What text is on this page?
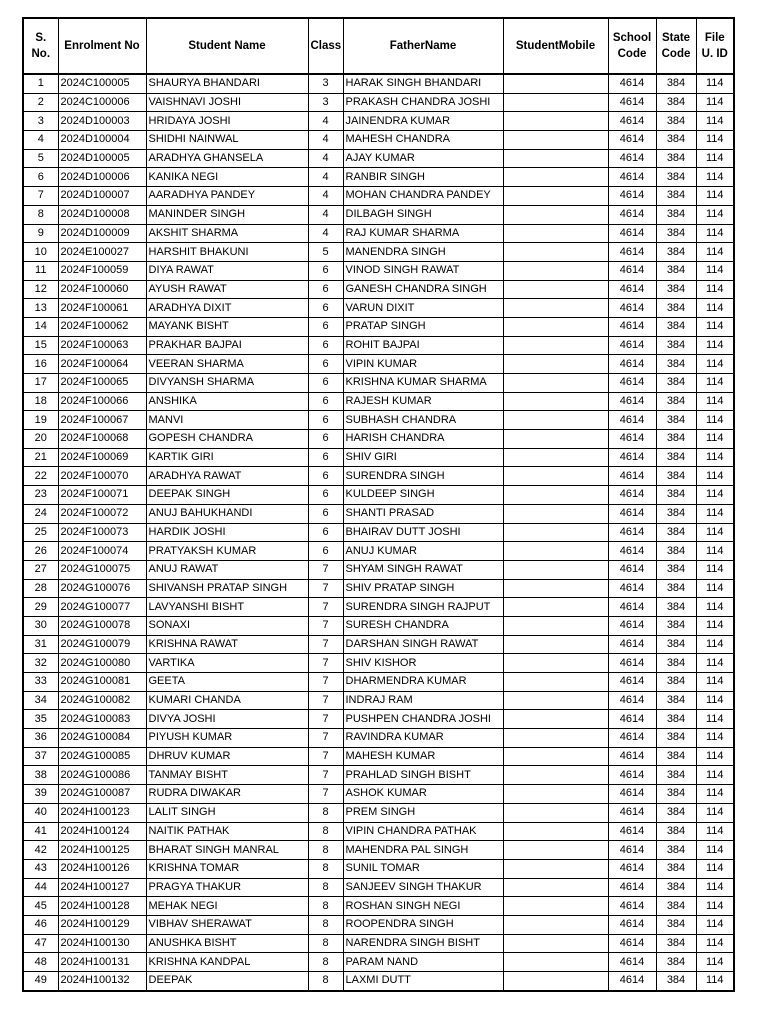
S. No.	Enrolment No	Student Name	Class	FatherName	StudentMobile	School Code	State Code	File U. ID
1	2024C100005	SHAURYA BHANDARI	3	HARAK SINGH BHANDARI		4614	384	114
2	2024C100006	VAISHNAVI JOSHI	3	PRAKASH CHANDRA JOSHI		4614	384	114
3	2024D100003	HRIDAYA JOSHI	4	JAINENDRA KUMAR		4614	384	114
4	2024D100004	SHIDHI NAINWAL	4	MAHESH CHANDRA		4614	384	114
5	2024D100005	ARADHYA GHANSELA	4	AJAY KUMAR		4614	384	114
6	2024D100006	KANIKA NEGI	4	RANBIR SINGH		4614	384	114
7	2024D100007	AARADHYA PANDEY	4	MOHAN CHANDRA PANDEY		4614	384	114
8	2024D100008	MANINDER SINGH	4	DILBAGH SINGH		4614	384	114
9	2024D100009	AKSHIT SHARMA	4	RAJ KUMAR SHARMA		4614	384	114
10	2024E100027	HARSHIT BHAKUNI	5	MANENDRA SINGH		4614	384	114
11	2024F100059	DIYA RAWAT	6	VINOD SINGH RAWAT		4614	384	114
12	2024F100060	AYUSH RAWAT	6	GANESH CHANDRA SINGH		4614	384	114
13	2024F100061	ARADHYA DIXIT	6	VARUN DIXIT		4614	384	114
14	2024F100062	MAYANK BISHT	6	PRATAP SINGH		4614	384	114
15	2024F100063	PRAKHAR BAJPAI	6	ROHIT BAJPAI		4614	384	114
16	2024F100064	VEERAN SHARMA	6	VIPIN KUMAR		4614	384	114
17	2024F100065	DIVYANSH SHARMA	6	KRISHNA KUMAR SHARMA		4614	384	114
18	2024F100066	ANSHIKA	6	RAJESH KUMAR		4614	384	114
19	2024F100067	MANVI	6	SUBHASH CHANDRA		4614	384	114
20	2024F100068	GOPESH CHANDRA	6	HARISH CHANDRA		4614	384	114
21	2024F100069	KARTIK GIRI	6	SHIV GIRI		4614	384	114
22	2024F100070	ARADHYA RAWAT	6	SURENDRA SINGH		4614	384	114
23	2024F100071	DEEPAK SINGH	6	KULDEEP SINGH		4614	384	114
24	2024F100072	ANUJ BAHUKHANDI	6	SHANTI PRASAD		4614	384	114
25	2024F100073	HARDIK JOSHI	6	BHAIRAV DUTT JOSHI		4614	384	114
26	2024F100074	PRATYAKSH KUMAR	6	ANUJ KUMAR		4614	384	114
27	2024G100075	ANUJ RAWAT	7	SHYAM SINGH RAWAT		4614	384	114
28	2024G100076	SHIVANSH PRATAP SINGH	7	SHIV PRATAP SINGH		4614	384	114
29	2024G100077	LAVYANSHI BISHT	7	SURENDRA SINGH RAJPUT		4614	384	114
30	2024G100078	SONAXI	7	SURESH CHANDRA		4614	384	114
31	2024G100079	KRISHNA RAWAT	7	DARSHAN SINGH RAWAT		4614	384	114
32	2024G100080	VARTIKA	7	SHIV KISHOR		4614	384	114
33	2024G100081	GEETA	7	DHARMENDRA KUMAR		4614	384	114
34	2024G100082	KUMARI CHANDA	7	INDRAJ RAM		4614	384	114
35	2024G100083	DIVYA JOSHI	7	PUSHPEN CHANDRA JOSHI		4614	384	114
36	2024G100084	PIYUSH KUMAR	7	RAVINDRA KUMAR		4614	384	114
37	2024G100085	DHRUV KUMAR	7	MAHESH KUMAR		4614	384	114
38	2024G100086	TANMAY BISHT	7	PRAHLAD SINGH BISHT		4614	384	114
39	2024G100087	RUDRA DIWAKAR	7	ASHOK KUMAR		4614	384	114
40	2024H100123	LALIT SINGH	8	PREM SINGH		4614	384	114
41	2024H100124	NAITIK PATHAK	8	VIPIN CHANDRA PATHAK		4614	384	114
42	2024H100125	BHARAT SINGH MANRAL	8	MAHENDRA PAL SINGH		4614	384	114
43	2024H100126	KRISHNA TOMAR	8	SUNIL TOMAR		4614	384	114
44	2024H100127	PRAGYA THAKUR	8	SANJEEV SINGH THAKUR		4614	384	114
45	2024H100128	MEHAK NEGI	8	ROSHAN SINGH NEGI		4614	384	114
46	2024H100129	VIBHAV SHERAWAT	8	ROOPENDRA SINGH		4614	384	114
47	2024H100130	ANUSHKA BISHT	8	NARENDRA SINGH BISHT		4614	384	114
48	2024H100131	KRISHNA KANDPAL	8	PARAM NAND		4614	384	114
49	2024H100132	DEEPAK	8	LAXMI DUTT		4614	384	114
